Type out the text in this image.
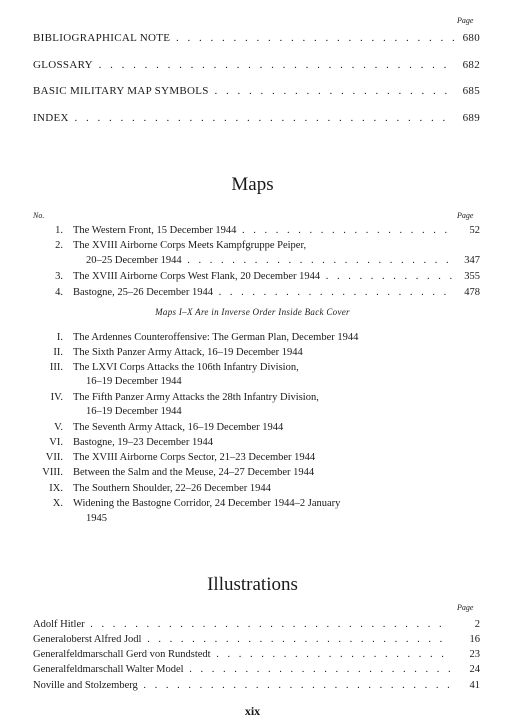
Page
BIBLIOGRAPHICAL NOTE . . .	680
GLOSSARY . . .	682
BASIC MILITARY MAP SYMBOLS . . .	685
INDEX . . .	689
Maps
No.	Page
1. The Western Front, 15 December 1944 . . .	52
2. The XVIII Airborne Corps Meets Kampfgruppe Peiper,
20–25 December 1944 . . .	347
3. The XVIII Airborne Corps West Flank, 20 December 1944 . . .	355
4. Bastogne, 25–26 December 1944 . . .	478
Maps I–X Are in Inverse Order Inside Back Cover
I. The Ardennes Counteroffensive: The German Plan, December 1944
II. The Sixth Panzer Army Attack, 16–19 December 1944
III. The LXVI Corps Attacks the 106th Infantry Division,
16–19 December 1944
IV. The Fifth Panzer Army Attacks the 28th Infantry Division,
16–19 December 1944
V. The Seventh Army Attack, 16–19 December 1944
VI. Bastogne, 19–23 December 1944
VII. The XVIII Airborne Corps Sector, 21–23 December 1944
VIII. Between the Salm and the Meuse, 24–27 December 1944
IX. The Southern Shoulder, 22–26 December 1944
X. Widening the Bastogne Corridor, 24 December 1944–2 January
1945
Illustrations
Page
Adolf Hitler . . .	2
Generaloberst Alfred Jodl . . .	16
Generalfeldmarschall Gerd von Rundstedt . . .	23
Generalfeldmarschall Walter Model . . .	24
Noville and Stolzemberg . . .	41
xix
